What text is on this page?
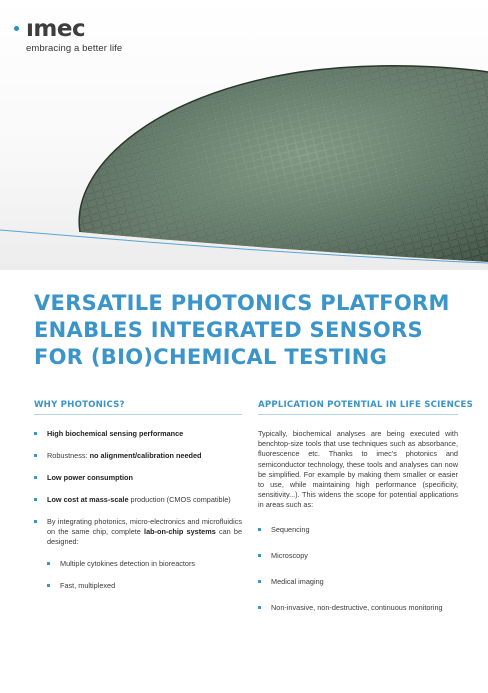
ımec
embracing a better life
VERSATILE PHOTONICS PLATFORM
ENABLES INTEGRATED SENSORS
FOR (BIO)CHEMICAL TESTING
WHY PHOTONICS?
High biochemical sensing performance
Robustness: no alignment/calibration needed
Low power consumption
Low cost at mass-scale production (CMOS compatible)
By integrating photonics, micro-electronics and microfluidics on the same chip, complete lab-on-chip systems can be designed:
Multiple cytokines detection in bioreactors
Fast, multiplexed
APPLICATION POTENTIAL IN LIFE SCIENCES

Typically, biochemical analyses are being executed with benchtop-size tools that use techniques such as absorbance, fluorescence etc. Thanks to imec's photonics and semiconductor technology, these tools and analyses can now be simplified. For example by making them smaller or easier to use, while maintaining high performance (specificity, sensitivity...). This widens the scope for potential applications in areas such as:

Sequencing
Microscopy
Medical imaging
Non-invasive, non-destructive, continuous monitoring
